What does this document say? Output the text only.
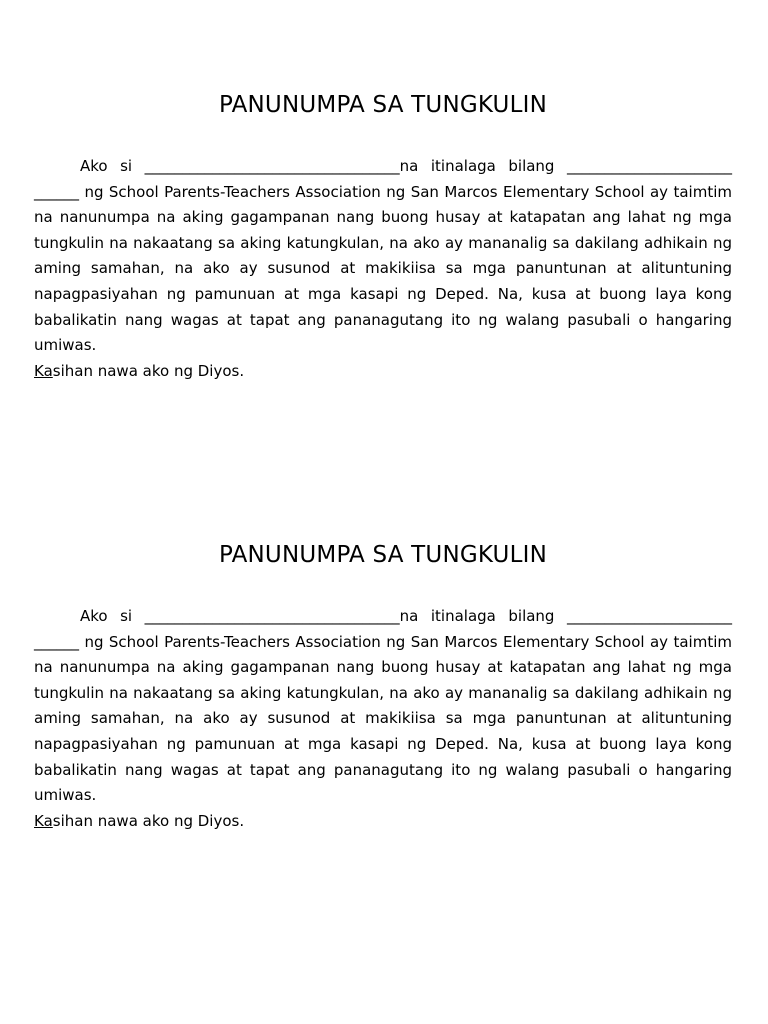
PANUNUMPA SA TUNGKULIN

Ako si __________________________________na itinalaga bilang ______________________ ______ ng School Parents-Teachers Association ng San Marcos Elementary School ay taimtim na nanunumpa na aking gagampanan nang buong husay at katapatan ang lahat ng mga tungkulin na nakaatang sa aking katungkulan, na ako ay mananalig sa dakilang adhikain ng aming samahan, na ako ay susunod at makikiisa sa mga panuntunan at alituntuning napagpasiyahan ng pamunuan at mga kasapi ng Deped. Na, kusa at buong laya kong babalikatin nang wagas at tapat ang pananagutang ito ng walang pasubali o hangaring umiwas.

Kasihan nawa ako ng Diyos.

PANUNUMPA SA TUNGKULIN

Ako si __________________________________na itinalaga bilang ______________________ ______ ng School Parents-Teachers Association ng San Marcos Elementary School ay taimtim na nanunumpa na aking gagampanan nang buong husay at katapatan ang lahat ng mga tungkulin na nakaatang sa aking katungkulan, na ako ay mananalig sa dakilang adhikain ng aming samahan, na ako ay susunod at makikiisa sa mga panuntunan at alituntuning napagpasiyahan ng pamunuan at mga kasapi ng Deped. Na, kusa at buong laya kong babalikatin nang wagas at tapat ang pananagutang ito ng walang pasubali o hangaring umiwas.

Kasihan nawa ako ng Diyos.
